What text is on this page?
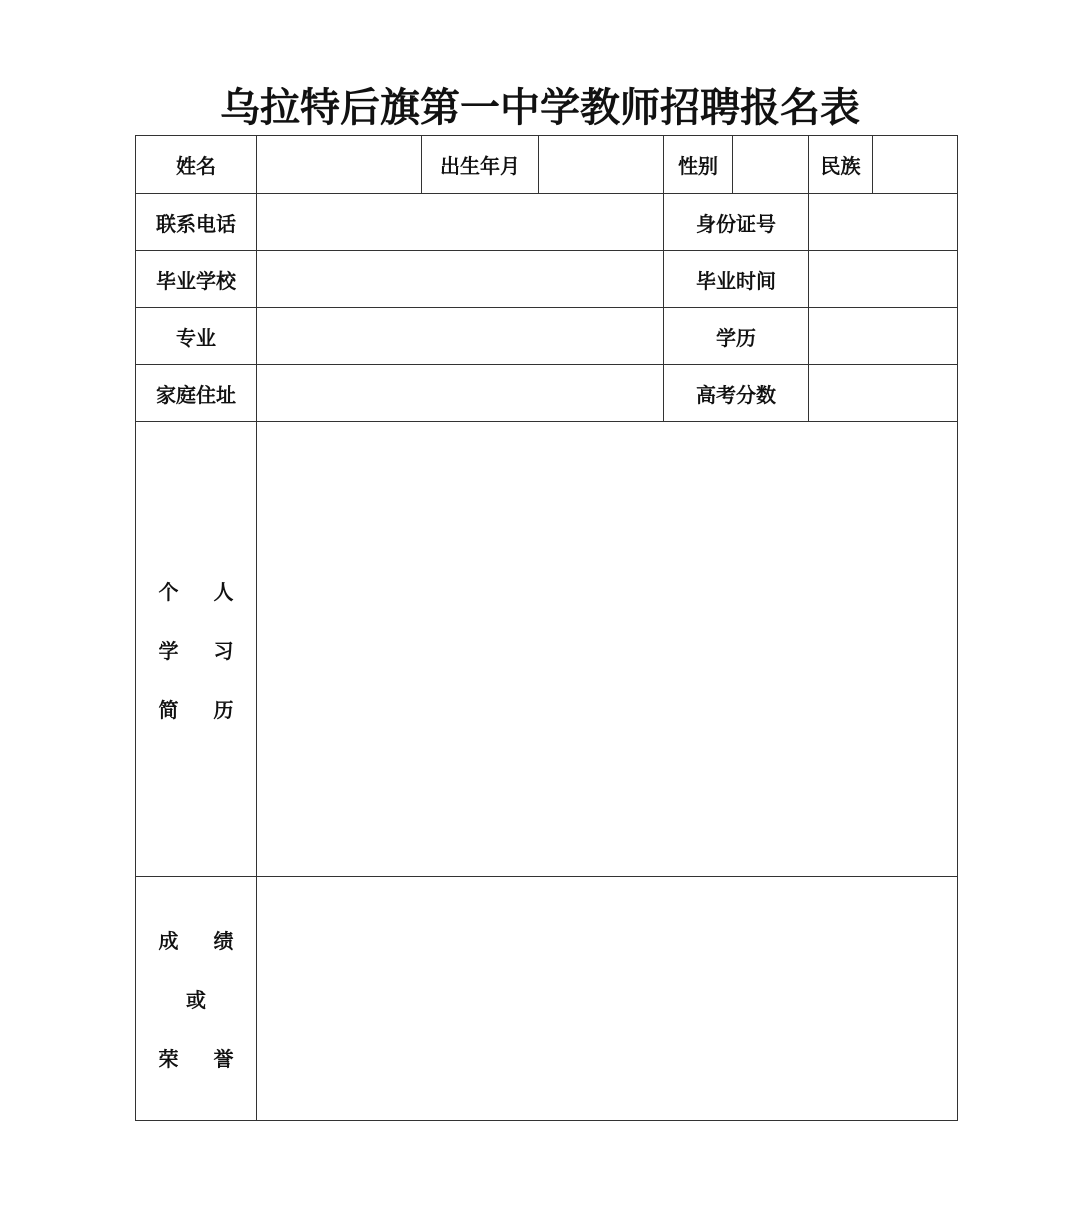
乌拉特后旗第一中学教师招聘报名表
姓名		出生年月		性别		民族	
联系电话				身份证号			
毕业学校				毕业时间			
专业				学历			
家庭住址				高考分数			

个 人
学 习
简 历							

成 绩
或
荣 誉							
